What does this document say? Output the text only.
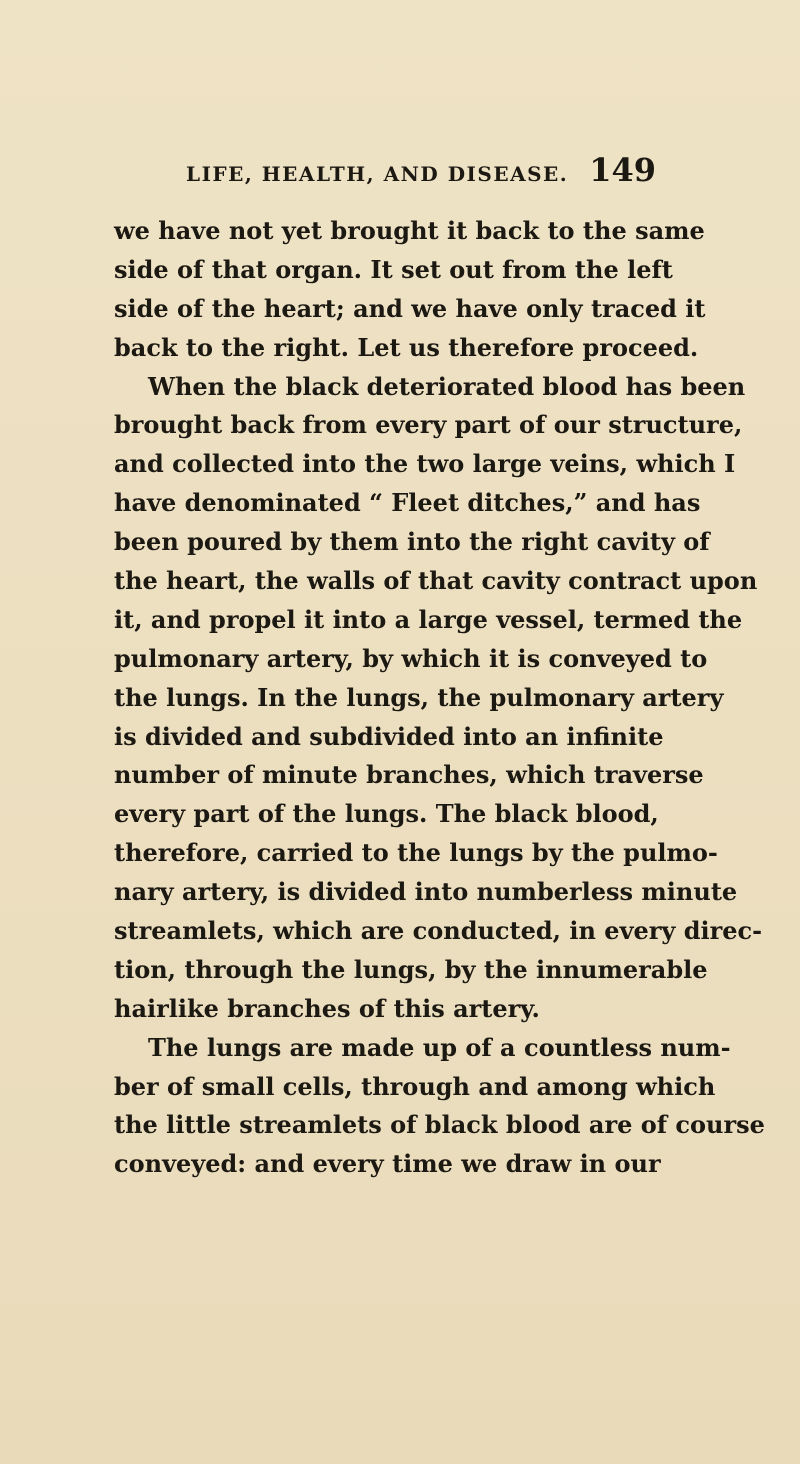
LIFE, HEALTH, AND DISEASE. 149
we have not yet brought it back to the same
side of that organ. It set out from the left
side of the heart; and we have only traced it
back to the right. Let us therefore proceed.
When the black deteriorated blood has been
brought back from every part of our structure,
and collected into the two large veins, which I
have denominated “ Fleet ditches,” and has
been poured by them into the right cavity of
the heart, the walls of that cavity contract upon
it, and propel it into a large vessel, termed the
pulmonary artery, by which it is conveyed to
the lungs. In the lungs, the pulmonary artery
is divided and subdivided into an infinite
number of minute branches, which traverse
every part of the lungs. The black blood,
therefore, carried to the lungs by the pulmo-
nary artery, is divided into numberless minute
streamlets, which are conducted, in every direc-
tion, through the lungs, by the innumerable
hairlike branches of this artery.
The lungs are made up of a countless num-
ber of small cells, through and among which
the little streamlets of black blood are of course
conveyed: and every time we draw in our
